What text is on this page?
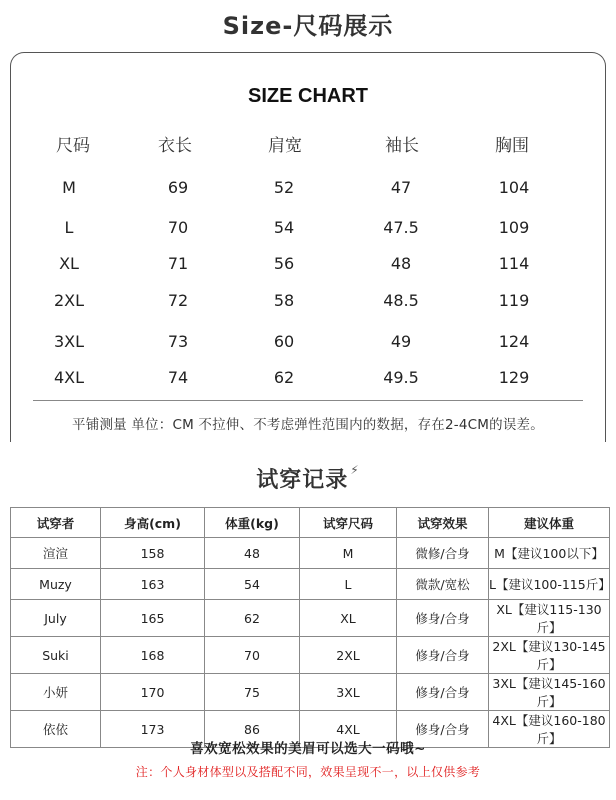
Size-尺码展示
SIZE CHART
尺码	衣长	肩宽	袖长	胸围
M	69	52	47	104
L	70	54	47.5	109
XL	71	56	48	114
2XL	72	58	48.5	119
3XL	73	60	49	124
4XL	74	62	49.5	129
平铺测量 单位：CM 不拉伸、不考虑弹性范围内的数据，存在2-4CM的误差。
试穿记录 ⚡
试穿者	身高(cm)	体重(kg)	试穿尺码	试穿效果	建议体重
渲渲	158	48	M	微修/合身	M【建议100以下】
Muzy	163	54	L	微款/宽松	L【建议100-115斤】
July	165	62	XL	修身/合身	XL【建议115-130斤】
Suki	168	70	2XL	修身/合身	2XL【建议130-145斤】
小妍	170	75	3XL	修身/合身	3XL【建议145-160斤】
依依	173	86	4XL	修身/合身	4XL【建议160-180斤】
喜欢宽松效果的美眉可以选大一码哦~
注：个人身材体型以及搭配不同，效果呈现不一，以上仅供参考
